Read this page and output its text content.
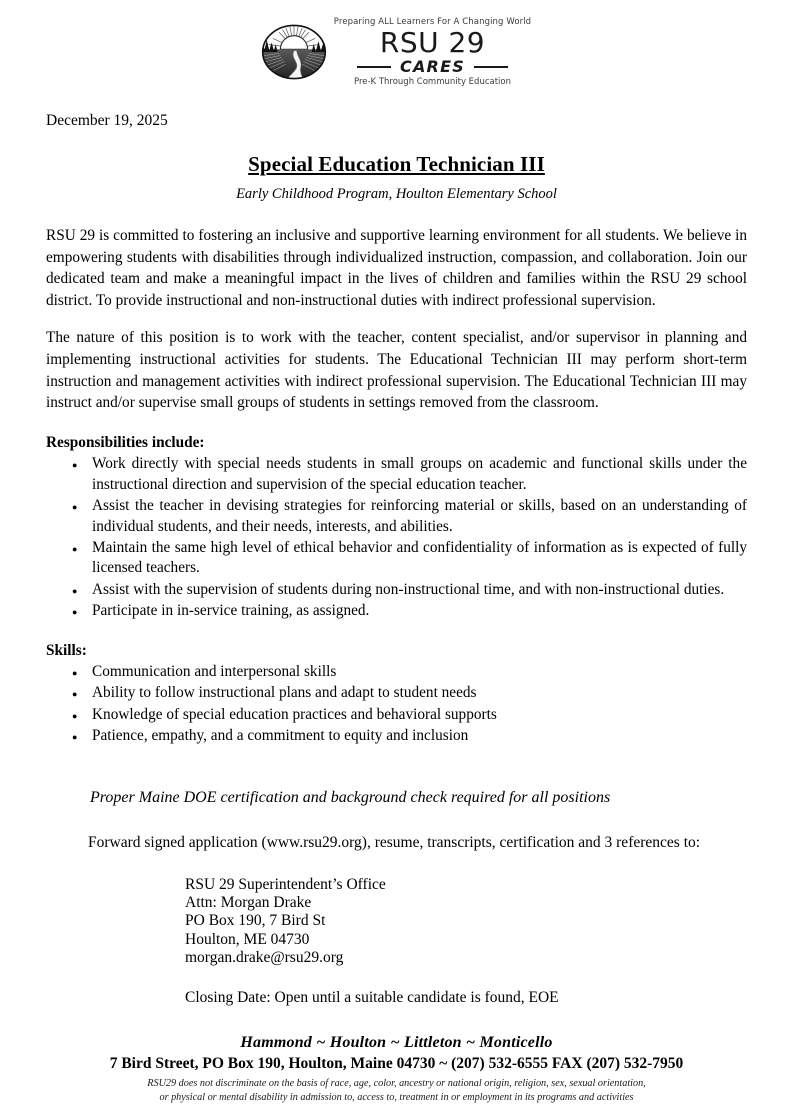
Preparing ALL Learners For A Changing World
RSU 29
CARES
Pre-K Through Community Education
December 19, 2025
Special Education Technician III
Early Childhood Program, Houlton Elementary School

RSU 29 is committed to fostering an inclusive and supportive learning environment for all students. We believe in empowering students with disabilities through individualized instruction, compassion, and collaboration. Join our dedicated team and make a meaningful impact in the lives of children and families within the RSU 29 school district. To provide instructional and non-instructional duties with indirect professional supervision.

The nature of this position is to work with the teacher, content specialist, and/or supervisor in planning and implementing instructional activities for students. The Educational Technician III may perform short-term instruction and management activities with indirect professional supervision. The Educational Technician III may instruct and/or supervise small groups of students in settings removed from the classroom.

Responsibilities include:
● Work directly with special needs students in small groups on academic and functional skills under the instructional direction and supervision of the special education teacher.
● Assist the teacher in devising strategies for reinforcing material or skills, based on an understanding of individual students, and their needs, interests, and abilities.
● Maintain the same high level of ethical behavior and confidentiality of information as is expected of fully licensed teachers.
● Assist with the supervision of students during non-instructional time, and with non-instructional duties.
● Participate in in-service training, as assigned.
Skills:
● Communication and interpersonal skills
● Ability to follow instructional plans and adapt to student needs
● Knowledge of special education practices and behavioral supports
● Patience, empathy, and a commitment to equity and inclusion
Proper Maine DOE certification and background check required for all positions
Forward signed application (www.rsu29.org), resume, transcripts, certification and 3 references to:
RSU 29 Superintendent’s Office
Attn: Morgan Drake
PO Box 190, 7 Bird St
Houlton, ME 04730
morgan.drake@rsu29.org
Closing Date: Open until a suitable candidate is found, EOE
Hammond ~ Houlton ~ Littleton ~ Monticello
7 Bird Street, PO Box 190, Houlton, Maine 04730 ~ (207) 532-6555 FAX (207) 532-7950
RSU29 does not discriminate on the basis of race, age, color, ancestry or national origin, religion, sex, sexual orientation,
or physical or mental disability in admission to, access to, treatment in or employment in its programs and activities
